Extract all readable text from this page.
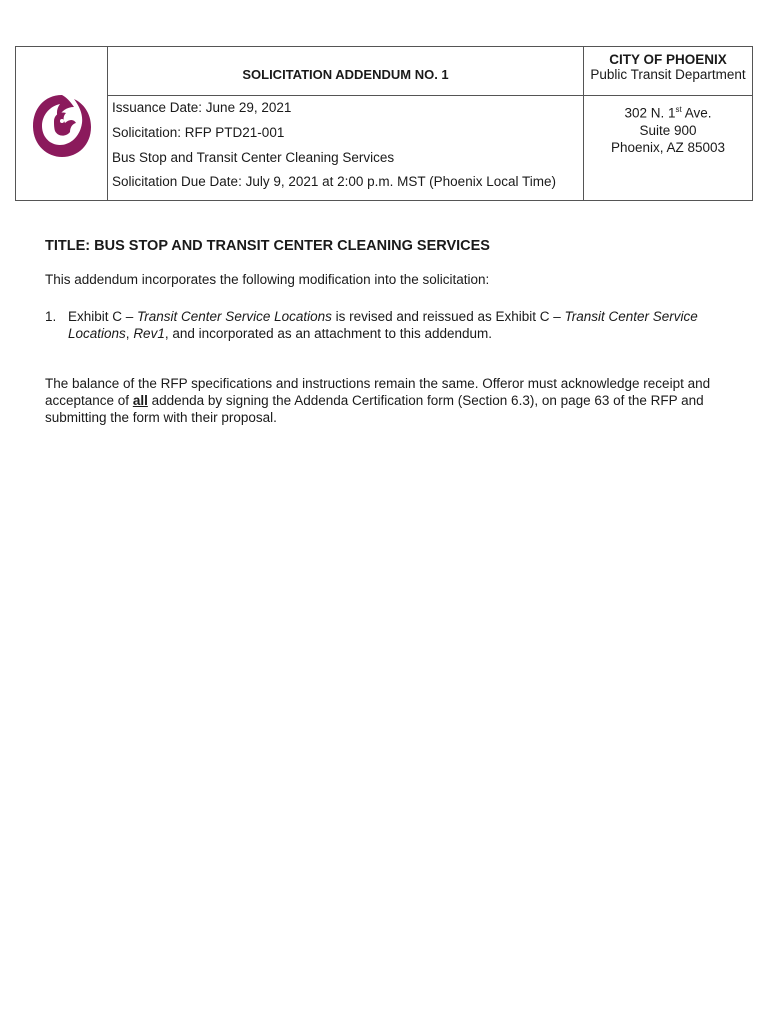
SOLICITATION ADDENDUM NO. 1
Issuance Date: June 29, 2021
Solicitation: RFP PTD21-001
Bus Stop and Transit Center Cleaning Services
Solicitation Due Date: July 9, 2021 at 2:00 p.m. MST (Phoenix Local Time)
CITY OF PHOENIX
Public Transit Department
302 N. 1st Ave.
Suite 900
Phoenix, AZ 85003
TITLE: BUS STOP AND TRANSIT CENTER CLEANING SERVICES
This addendum incorporates the following modification into the solicitation:
1. Exhibit C – Transit Center Service Locations is revised and reissued as Exhibit C – Transit Center Service Locations, Rev1, and incorporated as an attachment to this addendum.
The balance of the RFP specifications and instructions remain the same. Offeror must acknowledge receipt and acceptance of all addenda by signing the Addenda Certification form (Section 6.3), on page 63 of the RFP and submitting the form with their proposal.
